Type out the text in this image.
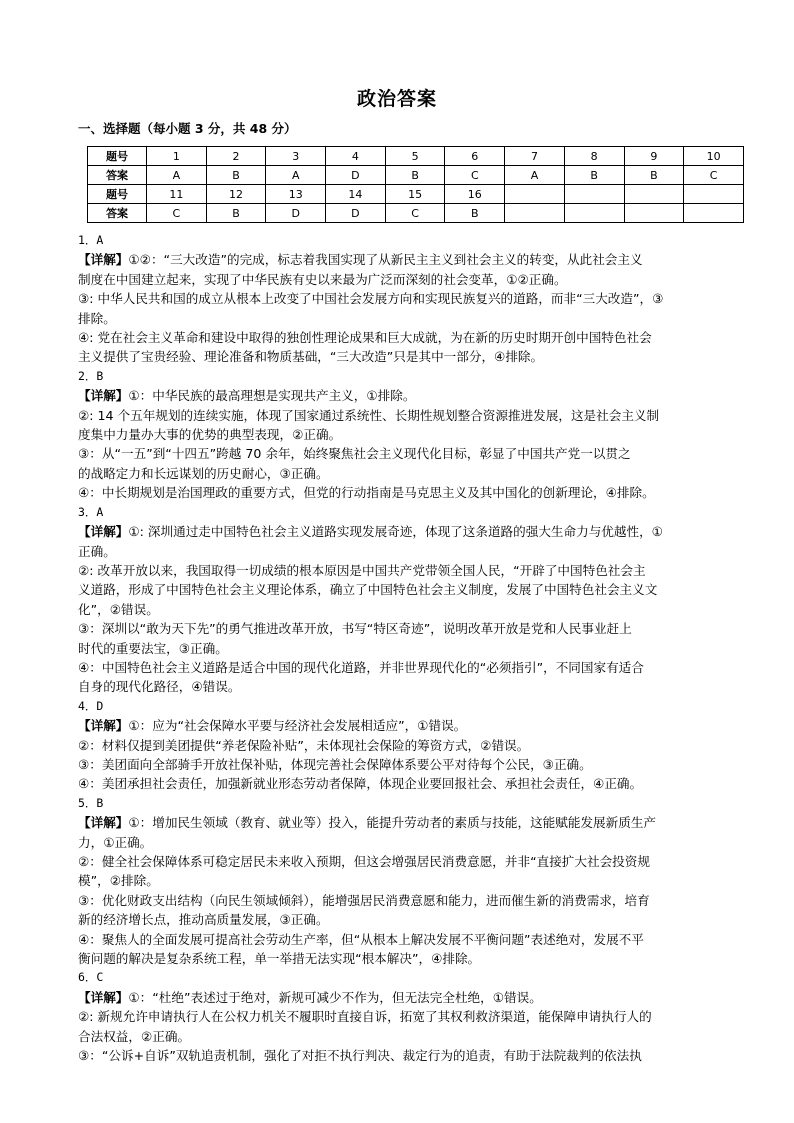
政治答案
一、选择题（每小题 3 分，共 48 分）
题号	1	2	3	4	5	6	7	8	9	10
答案	A	B	A	D	B	C	A	B	B	C
题号	11	12	13	14	15	16				
答案	C	B	D	D	C	B				

1．A

【详解】①②：“三大改造”的完成，标志着我国实现了从新民主主义到社会主义的转变，从此社会主义

制度在中国建立起来，实现了中华民族有史以来最为广泛而深刻的社会变革，①②正确。

③: 中华人民共和国的成立从根本上改变了中国社会发展方向和实现民族复兴的道路，而非“三大改造”，③

排除。

④: 党在社会主义革命和建设中取得的独创性理论成果和巨大成就，为在新的历史时期开创中国特色社会

主义提供了宝贵经验、理论准备和物质基础，“三大改造”只是其中一部分，④排除。

2．B

【详解】①：中华民族的最高理想是实现共产主义，①排除。

②: 14 个五年规划的连续实施，体现了国家通过系统性、长期性规划整合资源推进发展，这是社会主义制

度集中力量办大事的优势的典型表现，②正确。

③：从“一五”到“十四五”跨越 70 余年，始终聚焦社会主义现代化目标，彰显了中国共产党一以贯之

的战略定力和长远谋划的历史耐心，③正确。

④：中长期规划是治国理政的重要方式，但党的行动指南是马克思主义及其中国化的创新理论，④排除。

3．A

【详解】①: 深圳通过走中国特色社会主义道路实现发展奇迹，体现了这条道路的强大生命力与优越性，①

正确。

②: 改革开放以来，我国取得一切成绩的根本原因是中国共产党带领全国人民，“开辟了中国特色社会主

义道路，形成了中国特色社会主义理论体系，确立了中国特色社会主义制度，发展了中国特色社会主义文

化”，②错误。

③：深圳以“敢为天下先”的勇气推进改革开放，书写“特区奇迹”，说明改革开放是党和人民事业赶上

时代的重要法宝，③正确。

④：中国特色社会主义道路是适合中国的现代化道路，并非世界现代化的“必须指引”，不同国家有适合

自身的现代化路径，④错误。

4．D

【详解】①：应为“社会保障水平要与经济社会发展相适应”，①错误。

②：材料仅提到美团提供“养老保险补贴”，未体现社会保险的筹资方式，②错误。

③：美团面向全部骑手开放社保补贴，体现完善社会保障体系要公平对待每个公民，③正确。

④：美团承担社会责任，加强新就业形态劳动者保障，体现企业要回报社会、承担社会责任，④正确。

5．B

【详解】①：增加民生领域（教育、就业等）投入，能提升劳动者的素质与技能，这能赋能发展新质生产

力，①正确。

②：健全社会保障体系可稳定居民未来收入预期，但这会增强居民消费意愿，并非“直接扩大社会投资规

模”，②排除。

③：优化财政支出结构（向民生领域倾斜），能增强居民消费意愿和能力，进而催生新的消费需求，培育

新的经济增长点，推动高质量发展，③正确。

④：聚焦人的全面发展可提高社会劳动生产率，但“从根本上解决发展不平衡问题”表述绝对，发展不平

衡问题的解决是复杂系统工程，单一举措无法实现“根本解决”，④排除。

6．C

【详解】①：“杜绝”表述过于绝对，新规可减少不作为，但无法完全杜绝，①错误。

②: 新规允许申请执行人在公权力机关不履职时直接自诉，拓宽了其权利救济渠道，能保障申请执行人的

合法权益，②正确。

③：“公诉+自诉”双轨追责机制，强化了对拒不执行判决、裁定行为的追责，有助于法院裁判的依法执
